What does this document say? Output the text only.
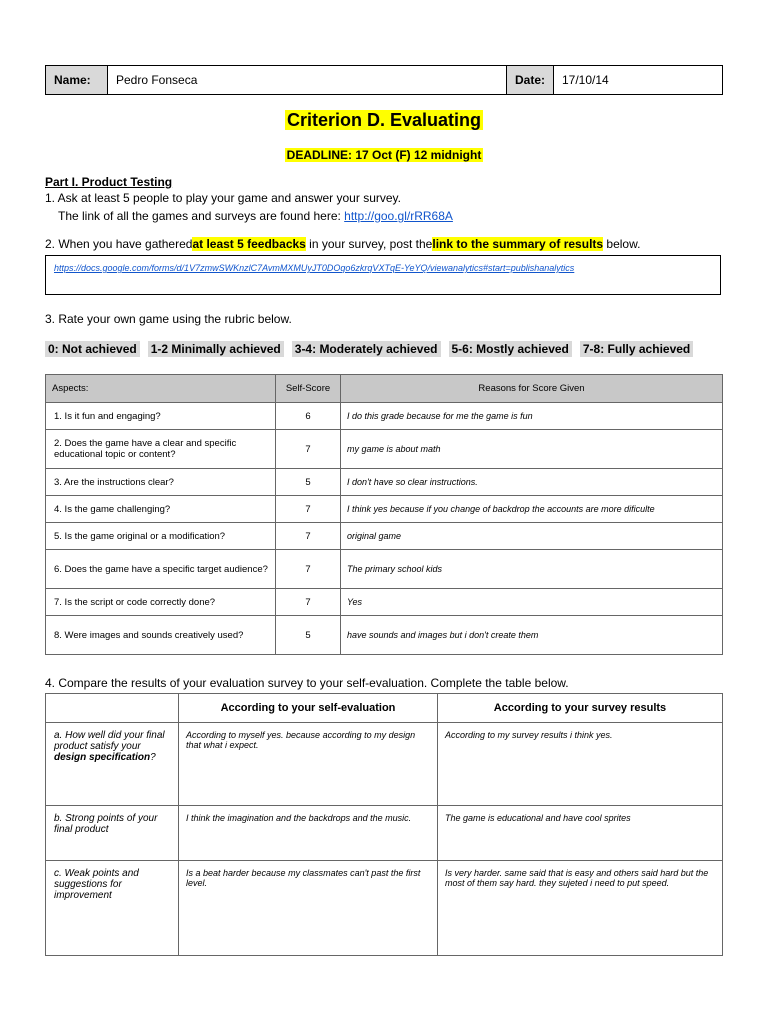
Name:	Pedro Fonseca	Date:	17/10/14
Criterion D. Evaluating
DEADLINE: 17 Oct (F) 12 midnight
Part I. Product Testing
1. Ask at least 5 people to play your game and answer your survey.
The link of all the games and surveys are found here: http://goo.gl/rRR68A
2. When you have gatheredat least 5 feedbacks in your survey, post thelink to the summary of results below.
https://docs.google.com/forms/d/1V7zmwSWKnzlC7AvmMXMUyJT0DOqo6zkrqVXTqE-YeYQ/viewanalytics#start=publishanalytics
3. Rate your own game using the rubric below.
0: Not achieved 1-2 Minimally achieved 3-4: Moderately achieved 5-6: Mostly achieved 7-8: Fully achieved
Aspects:	Self-Score	Reasons for Score Given
1. Is it fun and engaging?	6	I do this grade because for me the game is fun
2. Does the game have a clear and specific educational topic or content?	7	my game is about math
3. Are the instructions clear?	5	I don't have so clear instructions.
4. Is the game challenging?	7	I think yes because if you change of backdrop the accounts are more dificulte
5. Is the game original or a modification?	7	original game
6. Does the game have a specific target audience?	7	The primary school kids
7. Is the script or code correctly done?	7	Yes
8. Were images and sounds creatively used?	5	have sounds and images but i don't create them
4. Compare the results of your evaluation survey to your self-evaluation. Complete the table below.
	According to your self-evaluation	According to your survey results
a. How well did your final product satisfy your design specification?	According to myself yes. because according to my design that what i expect.	According to my survey results i think yes.
b. Strong points of your final product	I think the imagination and the backdrops and the music.	The game is educational and have cool sprites
c. Weak points and suggestions for improvement	Is a beat harder because my classmates can't past the first level.	Is very harder. same said that is easy and others said hard but the most of them say hard. they sujeted i need to put speed.
